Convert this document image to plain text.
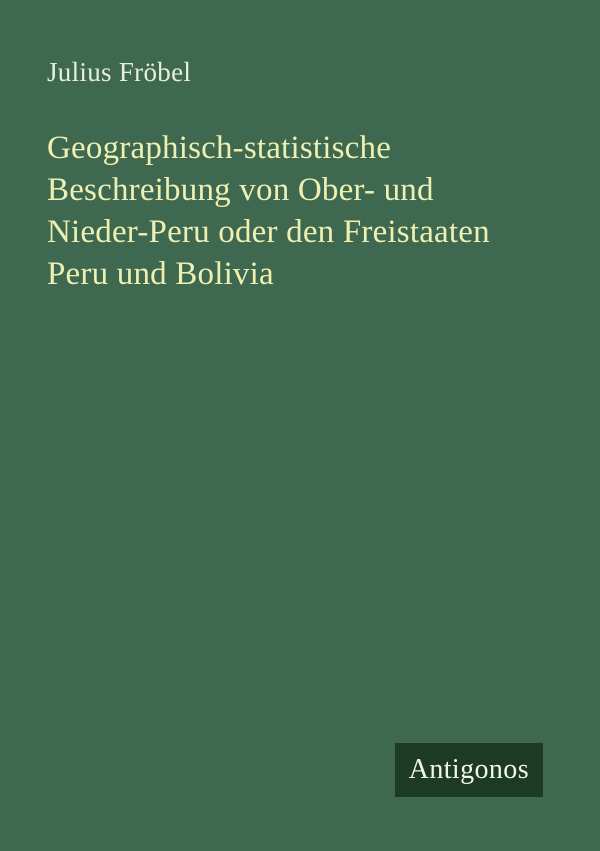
Julius Fröbel
Geographisch-statistische
Beschreibung von Ober- und
Nieder-Peru oder den Freistaaten
Peru und Bolivia
Antigonos
